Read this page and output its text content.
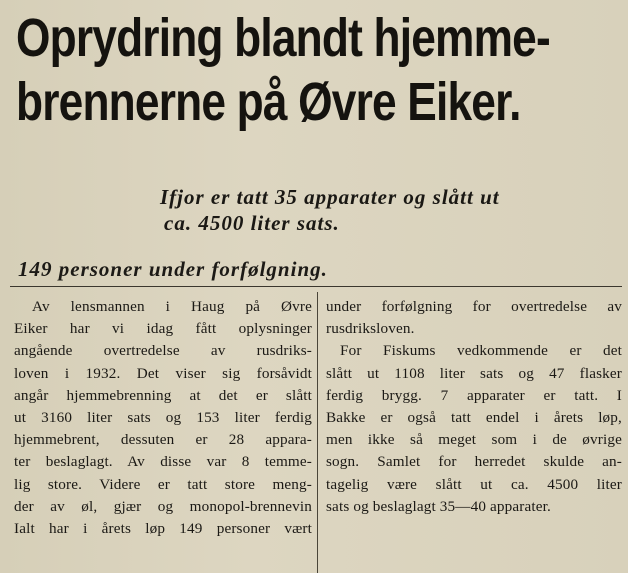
Oprydring blandt hjemme-
brennerne på Øvre Eiker.
Ifjor er tatt 35 apparater og slått ut
ca. 4500 liter sats.
149 personer under forfølgning.
Av lensmannen i Haug på Øvre
Eiker har vi idag fått oplysninger
angående overtredelse av rusdriks-
loven i 1932. Det viser sig forsåvidt
angår hjemmebrenning at det er slått
ut 3160 liter sats og 153 liter ferdig
hjemmebrent, dessuten er 28 appara-
ter beslaglagt. Av disse var 8 temme-
lig store. Videre er tatt store meng-
der av øl, gjær og monopol-brennevin
Ialt har i årets løp 149 personer vært
under forfølgning for overtredelse av
rusdriksloven.
For Fiskums vedkommende er det
slått ut 1108 liter sats og 47 flasker
ferdig brygg. 7 apparater er tatt. I
Bakke er også tatt endel i årets løp,
men ikke så meget som i de øvrige
sogn. Samlet for herredet skulde an-
tagelig være slått ut ca. 4500 liter
sats og beslaglagt 35—40 apparater.
